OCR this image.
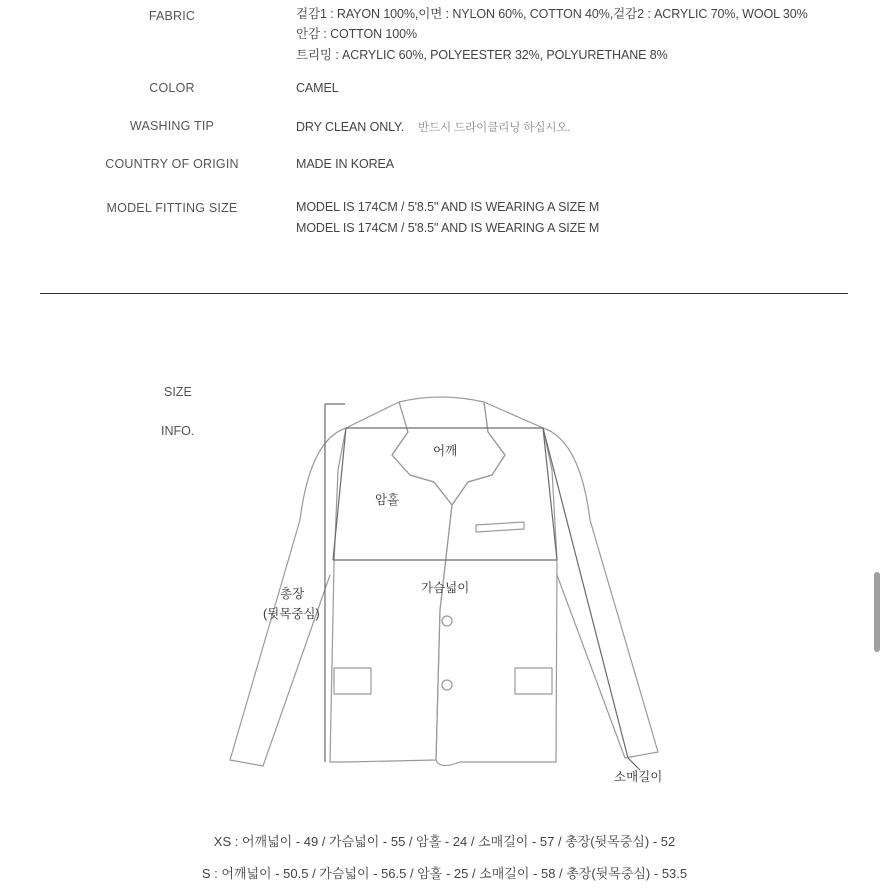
FABRIC	겉감1 : RAYON 100%,이면 : NYLON 60%, COTTON 40%,겉감2 : ACRYLIC 70%, WOOL 30%
안감 : COTTON 100%
트리밍 : ACRYLIC 60%, POLYEESTER 32%, POLYURETHANE 8%
COLOR	CAMEL
WASHING TIP	DRY CLEAN ONLY. 반드시 드라이클리닝 하십시오.
COUNTRY OF ORIGIN	MADE IN KOREA
MODEL FITTING SIZE	MODEL IS 174CM / 5'8.5" AND IS WEARING A SIZE M
MODEL IS 174CM / 5'8.5" AND IS WEARING A SIZE M
SIZE
INFO.
어깨
암홀
가슴넓이
총장
(뒷목중심)
소매길이
XS : 어깨넓이 - 49 / 가슴넓이 - 55 / 암홀 - 24 / 소매길이 - 57 / 총장(뒷목중심) - 52
S : 어깨넓이 - 50.5 / 가슴넓이 - 56.5 / 암홀 - 25 / 소매길이 - 58 / 총장(뒷목중심) - 53.5
